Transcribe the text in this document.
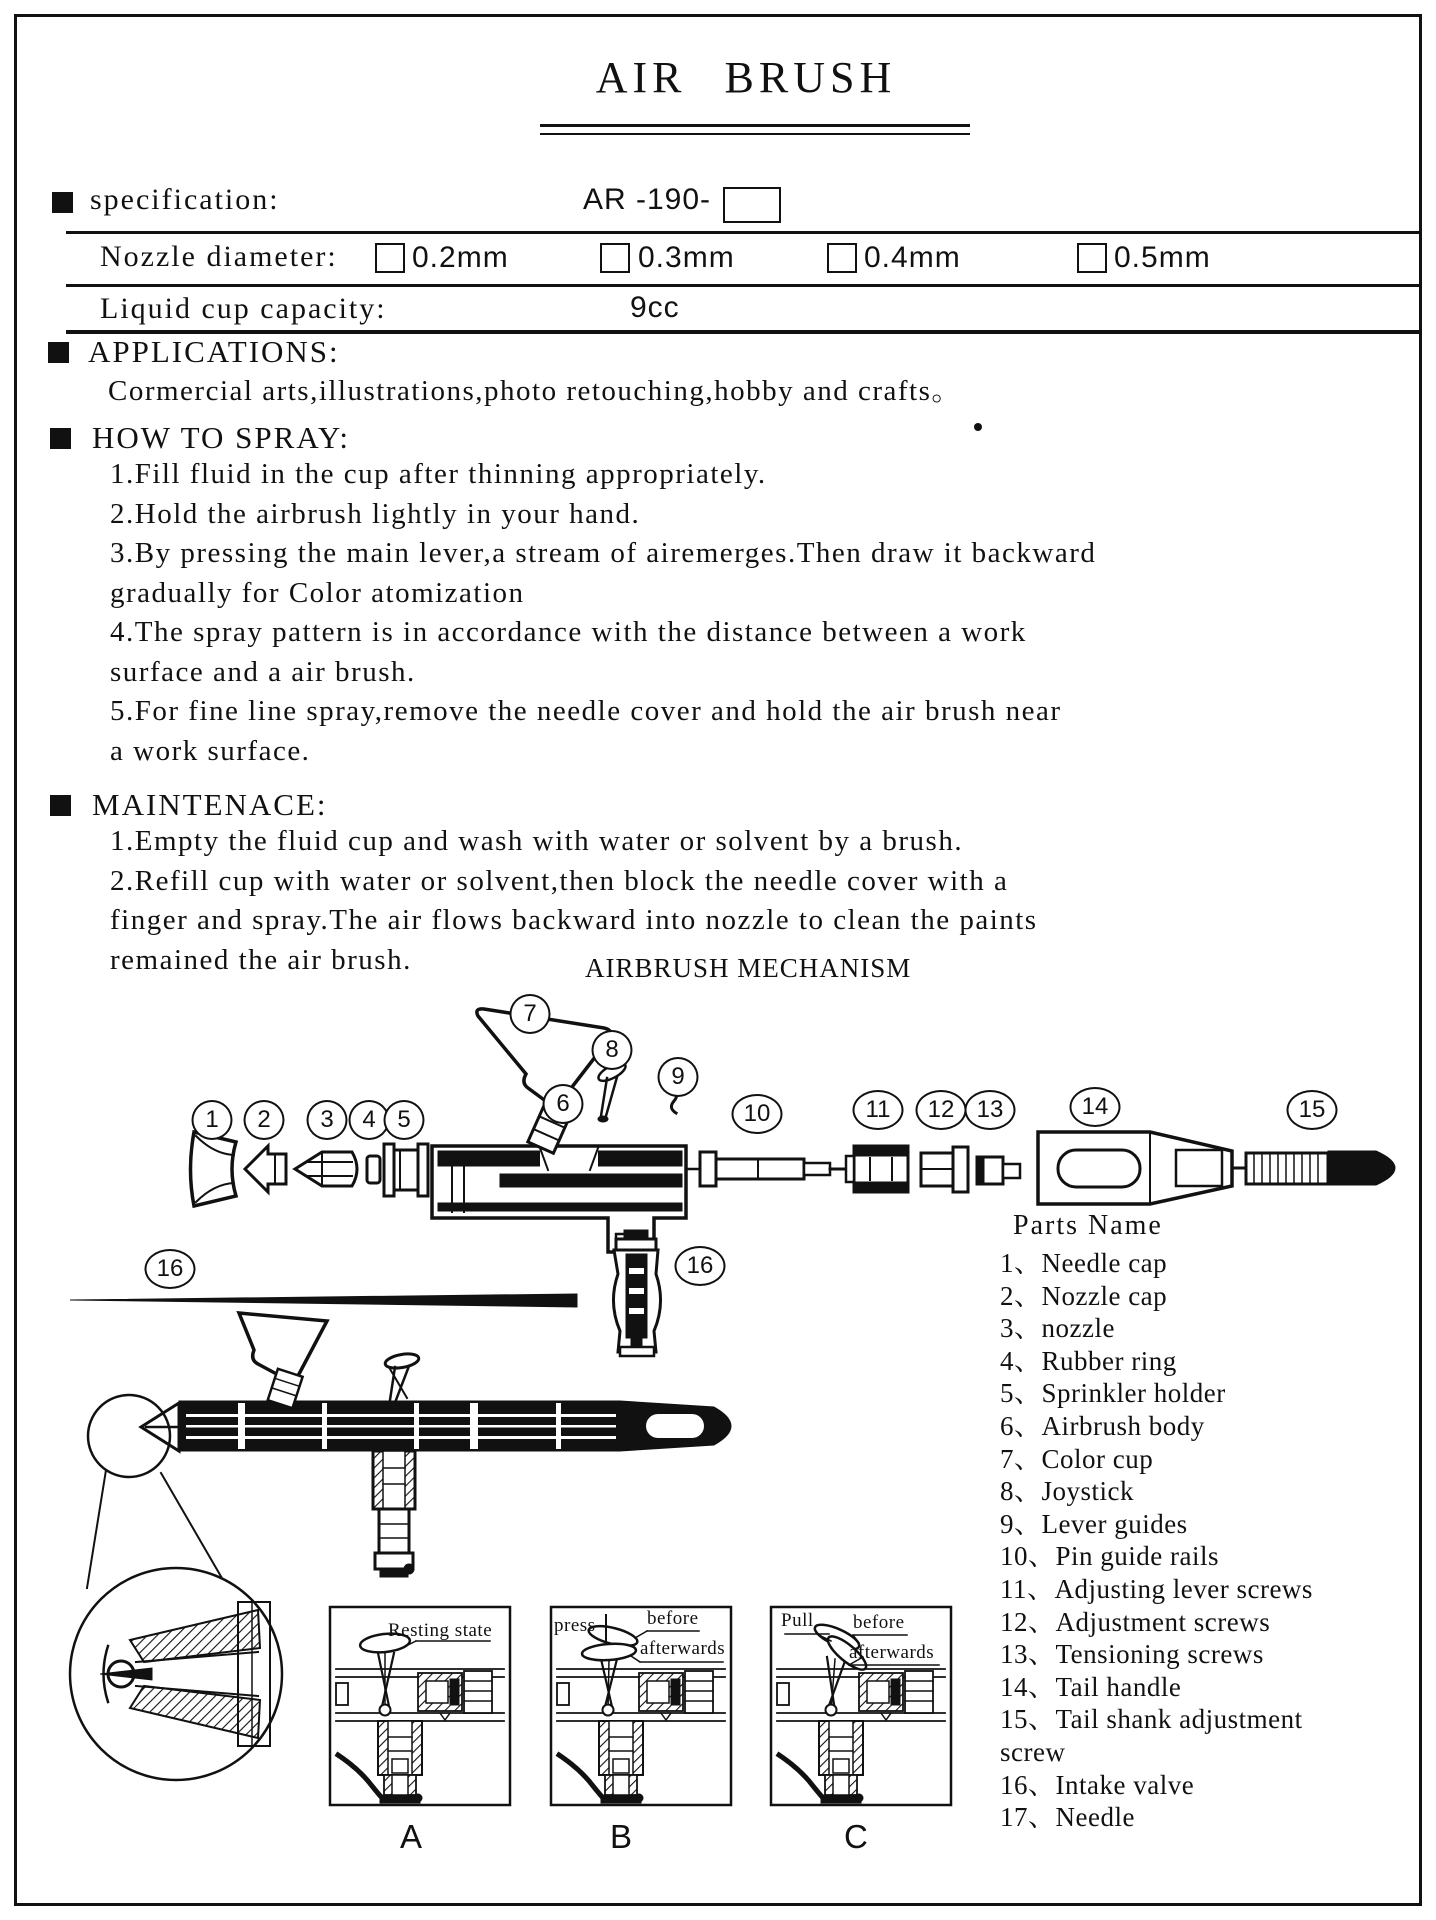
AIR BRUSH
specification:	AR -190-
Nozzle diameter: 0.2mm	0.3mm	0.4mm	0.5mm
Liquid cup capacity:	9cc
APPLICATIONS:
Cormercial arts,illustrations,photo retouching,hobby and crafts。
HOW TO SPRAY:
1.Fill fluid in the cup after thinning appropriately.
2.Hold the airbrush lightly in your hand.
3.By pressing the main lever,a stream of airemerges.Then draw it backward
gradually for Color atomization
4.The spray pattern is in accordance with the distance between a work
surface and a air brush.
5.For fine line spray,remove the needle cover and hold the air brush near
a work surface.
MAINTENACE:
1.Empty the fluid cup and wash with water or solvent by a brush.
2.Refill cup with water or solvent,then block the needle cover with a
finger and spray.The air flows backward into nozzle to clean the paints
remained the air brush.	AIRBRUSH MECHANISM
1	2	3	4 5
6
7
8
9
10	11	12 13	14	15
16	16
Parts Name
1、Needle cap
2、Nozzle cap
3、nozzle
4、Rubber ring
5、Sprinkler holder
6、Airbrush body
7、Color cup
8、Joystick
9、Lever guides
10、Pin guide rails
11、Adjusting lever screws
12、Adjustment screws
13、Tensioning screws
14、Tail handle
15、Tail shank adjustment screw
16、Intake valve
17、Needle
Resting state	press	before
afterwards
Pull before
afterwards
A	B	C
